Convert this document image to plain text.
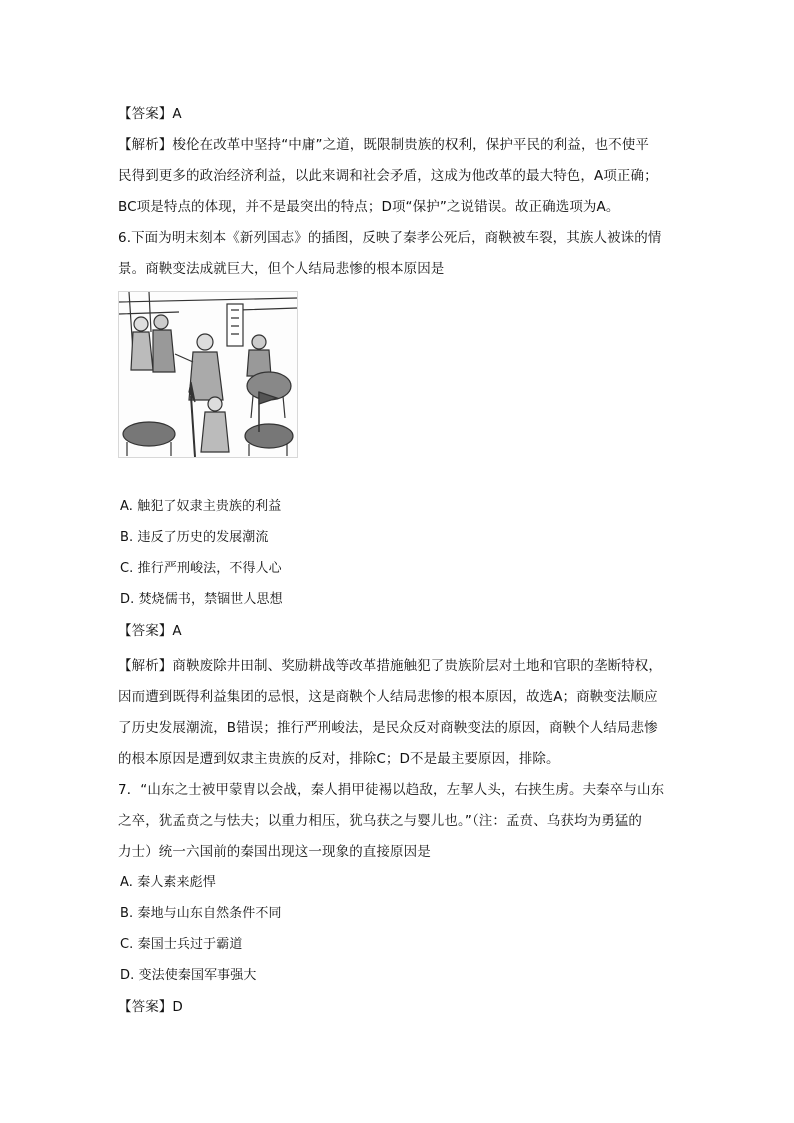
【答案】A
【解析】梭伦在改革中坚持“中庸”之道，既限制贵族的权利，保护平民的利益，也不使平
民得到更多的政治经济利益，以此来调和社会矛盾，这成为他改革的最大特色，A项正确；
BC项是特点的体现，并不是最突出的特点；D项“保护”之说错误。故正确选项为A。
6.下面为明末刻本《新列国志》的插图，反映了秦孝公死后，商鞅被车裂，其族人被诛的情
景。商鞅变法成就巨大，但个人结局悲惨的根本原因是
A. 触犯了奴隶主贵族的利益
B. 违反了历史的发展潮流
C. 推行严刑峻法，不得人心
D. 焚烧儒书，禁锢世人思想
【答案】A
【解析】商鞅废除井田制、奖励耕战等改革措施触犯了贵族阶层对土地和官职的垄断特权，
因而遭到既得利益集团的忌恨，这是商鞅个人结局悲惨的根本原因，故选A；商鞅变法顺应
了历史发展潮流，B错误；推行严刑峻法，是民众反对商鞅变法的原因，商鞅个人结局悲惨
的根本原因是遭到奴隶主贵族的反对，排除C；D不是最主要原因，排除。
7．“山东之士被甲蒙胄以会战，秦人捐甲徒裼以趋敌，左挈人头，右挟生虏。夫秦卒与山东
之卒，犹孟贲之与怯夫；以重力相压，犹乌获之与婴儿也。”（注：孟贲、乌获均为勇猛的
力士）统一六国前的秦国出现这一现象的直接原因是
A. 秦人素来彪悍
B. 秦地与山东自然条件不同
C. 秦国士兵过于霸道
D. 变法使秦国军事强大
【答案】D
